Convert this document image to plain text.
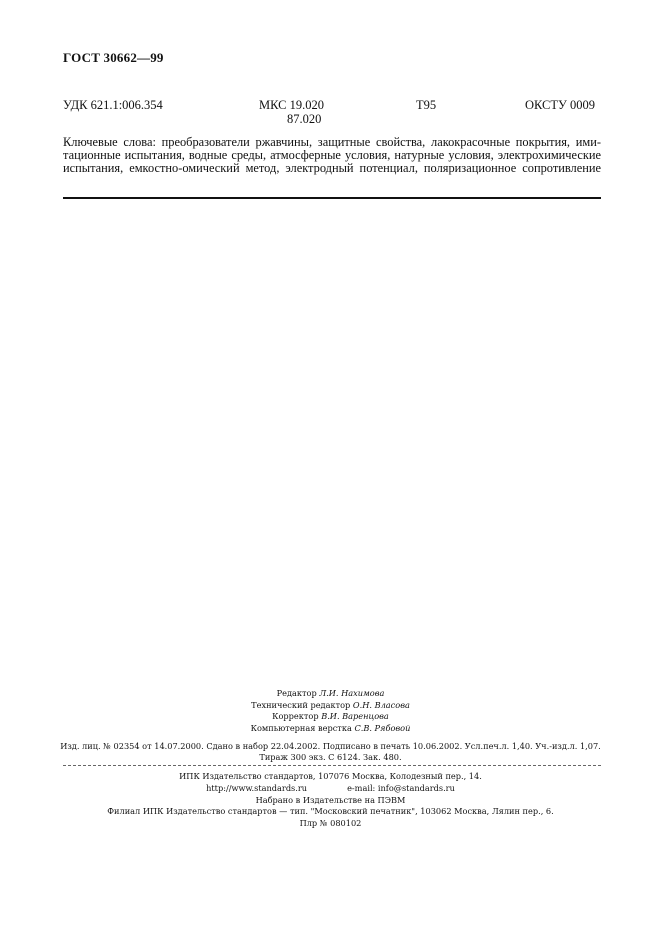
ГОСТ 30662—99
УДК 621.1:006.354	МКС 19.020
87.020
Т95	ОКСТУ 0009
Ключевые слова: преобразователи ржавчины, защитные свойства, лакокрасочные покрытия, ими-
тационные испытания, водные среды, атмосферные условия, натурные условия, электрохимические
испытания, емкостно-омический метод, электродный потенциал, поляризационное сопротивление
Редактор Л.И. Нахимова
Технический редактор О.Н. Власова
Корректор В.И. Варенцова
Компьютерная верстка С.В. Рябовой
Изд. лиц. № 02354 от 14.07.2000. Сдано в набор 22.04.2002. Подписано в печать 10.06.2002. Усл.печ.л. 1,40. Уч.-изд.л. 1,07.
Тираж 300 экз. С 6124. Зак. 480.
ИПК Издательство стандартов, 107076 Москва, Колодезный пер., 14.
http://www.standards.ru	e-mail: info@standards.ru
Набрано в Издательстве на ПЭВМ
Филиал ИПК Издательство стандартов — тип. "Московский печатник", 103062 Москва, Лялин пер., 6.
Плр № 080102
